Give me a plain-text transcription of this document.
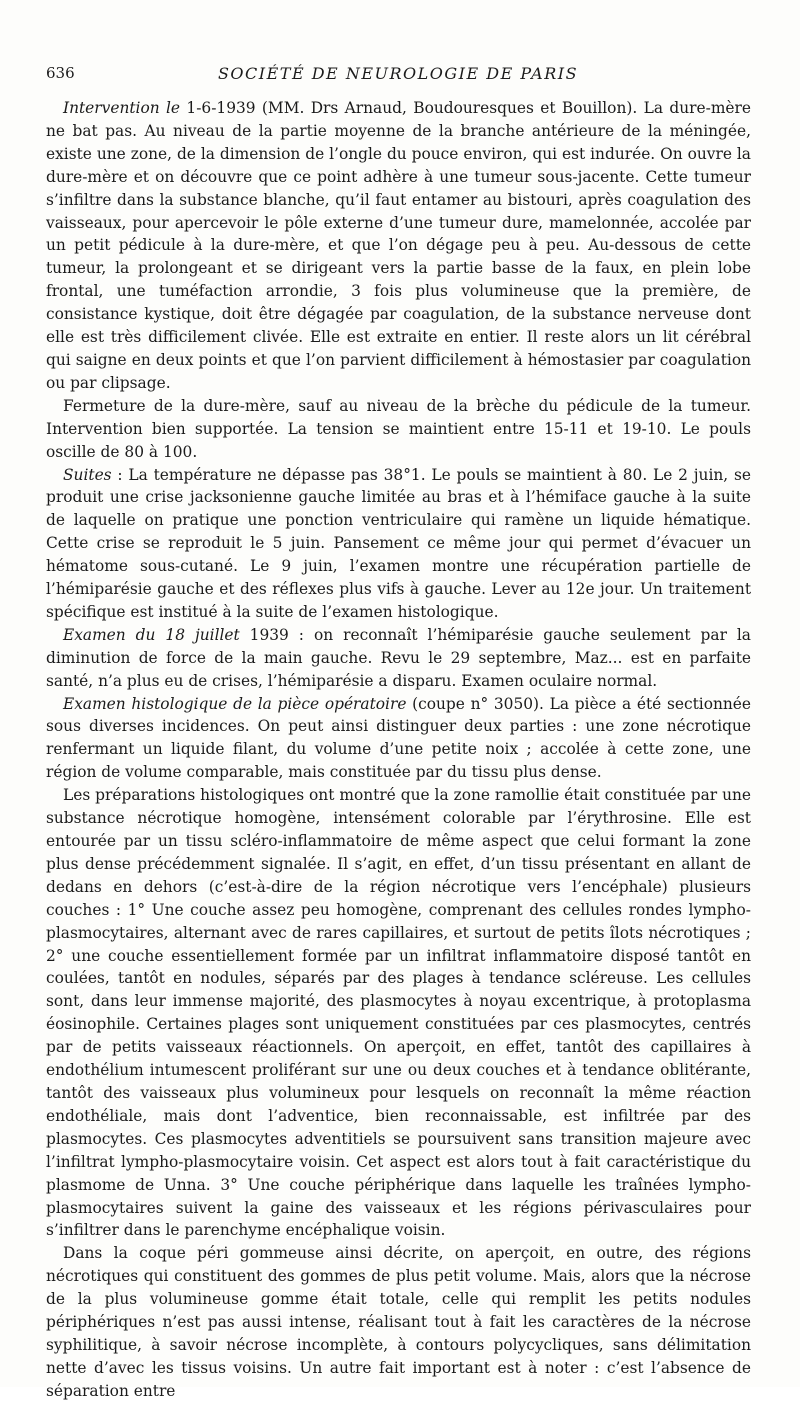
636	SOCIÉTÉ DE NEUROLOGIE DE PARIS

Intervention le 1-6-1939 (MM. Drs Arnaud, Boudouresques et Bouillon). La dure-mère ne bat pas. Au niveau de la partie moyenne de la branche antérieure de la méningée, existe une zone, de la dimension de l’ongle du pouce environ, qui est indurée. On ouvre la dure-mère et on découvre que ce point adhère à une tumeur sous-jacente. Cette tumeur s’infiltre dans la substance blanche, qu’il faut entamer au bistouri, après coagulation des vaisseaux, pour apercevoir le pôle externe d’une tumeur dure, mamelonnée, accolée par un petit pédicule à la dure-mère, et que l’on dégage peu à peu. Au-dessous de cette tumeur, la prolongeant et se dirigeant vers la partie basse de la faux, en plein lobe frontal, une tuméfaction arrondie, 3 fois plus volumineuse que la première, de consistance kystique, doit être dégagée par coagulation, de la substance nerveuse dont elle est très difficilement clivée. Elle est extraite en entier. Il reste alors un lit cérébral qui saigne en deux points et que l’on parvient difficilement à hémostasier par coagulation ou par clipsage.

Fermeture de la dure-mère, sauf au niveau de la brèche du pédicule de la tumeur. Intervention bien supportée. La tension se maintient entre 15-11 et 19-10. Le pouls oscille de 80 à 100.

Suites : La température ne dépasse pas 38°1. Le pouls se maintient à 80. Le 2 juin, se produit une crise jacksonienne gauche limitée au bras et à l’hémiface gauche à la suite de laquelle on pratique une ponction ventriculaire qui ramène un liquide hématique. Cette crise se reproduit le 5 juin. Pansement ce même jour qui permet d’évacuer un hématome sous-cutané. Le 9 juin, l’examen montre une récupération partielle de l’hémiparésie gauche et des réflexes plus vifs à gauche. Lever au 12e jour. Un traitement spécifique est institué à la suite de l’examen histologique.

Examen du 18 juillet 1939 : on reconnaît l’hémiparésie gauche seulement par la diminution de force de la main gauche. Revu le 29 septembre, Maz... est en parfaite santé, n’a plus eu de crises, l’hémiparésie a disparu. Examen oculaire normal.

Examen histologique de la pièce opératoire (coupe n° 3050). La pièce a été sectionnée sous diverses incidences. On peut ainsi distinguer deux parties : une zone nécrotique renfermant un liquide filant, du volume d’une petite noix ; accolée à cette zone, une région de volume comparable, mais constituée par du tissu plus dense.

Les préparations histologiques ont montré que la zone ramollie était constituée par une substance nécrotique homogène, intensément colorable par l’érythrosine. Elle est entourée par un tissu scléro-inflammatoire de même aspect que celui formant la zone plus dense précédemment signalée. Il s’agit, en effet, d’un tissu présentant en allant de dedans en dehors (c’est-à-dire de la région nécrotique vers l’encéphale) plusieurs couches : 1° Une couche assez peu homogène, comprenant des cellules rondes lympho-plasmocytaires, alternant avec de rares capillaires, et surtout de petits îlots nécrotiques ; 2° une couche essentiellement formée par un infiltrat inflammatoire disposé tantôt en coulées, tantôt en nodules, séparés par des plages à tendance scléreuse. Les cellules sont, dans leur immense majorité, des plasmocytes à noyau excentrique, à protoplasma éosinophile. Certaines plages sont uniquement constituées par ces plasmocytes, centrés par de petits vaisseaux réactionnels. On aperçoit, en effet, tantôt des capillaires à endothélium intumescent proliférant sur une ou deux couches et à tendance oblitérante, tantôt des vaisseaux plus volumineux pour lesquels on reconnaît la même réaction endothéliale, mais dont l’adventice, bien reconnaissable, est infiltrée par des plasmocytes. Ces plasmocytes adventitiels se poursuivent sans transition majeure avec l’infiltrat lympho-plasmocytaire voisin. Cet aspect est alors tout à fait caractéristique du plasmome de Unna. 3° Une couche périphérique dans laquelle les traînées lympho-plasmocytaires suivent la gaine des vaisseaux et les régions périvasculaires pour s’infiltrer dans le parenchyme encéphalique voisin.

Dans la coque péri gommeuse ainsi décrite, on aperçoit, en outre, des régions nécrotiques qui constituent des gommes de plus petit volume. Mais, alors que la nécrose de la plus volumineuse gomme était totale, celle qui remplit les petits nodules périphériques n’est pas aussi intense, réalisant tout à fait les caractères de la nécrose syphilitique, à savoir nécrose incomplète, à contours polycycliques, sans délimitation nette d’avec les tissus voisins. Un autre fait important est à noter : c’est l’absence de séparation entre
